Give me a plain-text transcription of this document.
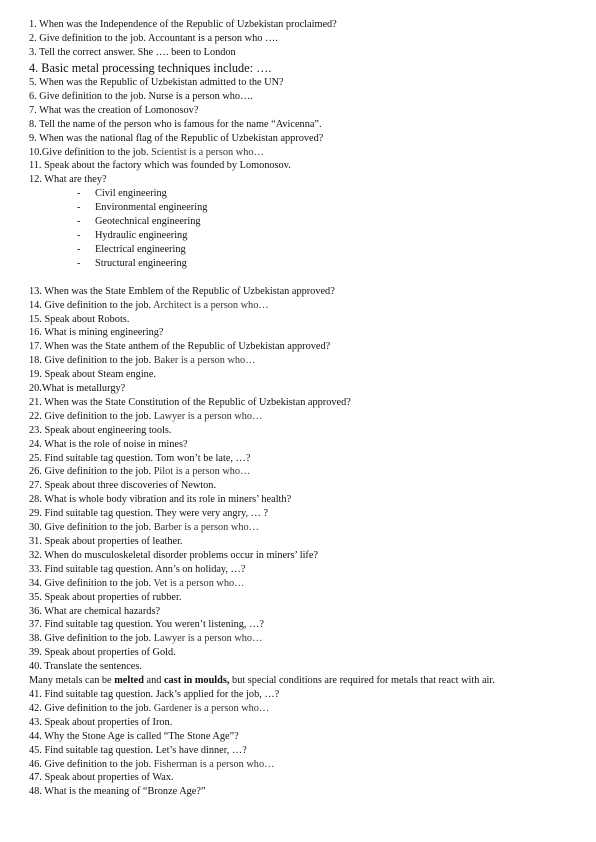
1. When was the Independence of the Republic of Uzbekistan proclaimed?
2. Give definition to the job. Accountant is a person who ….
3. Tell the correct answer. She …. been to London
4. Basic metal processing techniques include: ….
5. When was the Republic of Uzbekistan admitted to the UN?
6. Give definition to the job. Nurse is a person who….
7. What was the creation of Lomonosov?
8. Tell the name of the person who is famous for the name “Avicenna”.
9. When was the national flag of the Republic of Uzbekistan approved?
10.Give definition to the job. Scientist is a person who…
11. Speak about the factory which was founded by Lomonosov.
12. What are they?
- Civil engineering
- Environmental engineering
- Geotechnical engineering
- Hydraulic engineering
- Electrical engineering
- Structural engineering
13. When was the State Emblem of the Republic of Uzbekistan approved?
14. Give definition to the job. Architect is a person who…
15. Speak about Robots.
16. What is mining engineering?
17. When was the State anthem of the Republic of Uzbekistan approved?
18. Give definition to the job. Baker is a person who…
19. Speak about Steam engine.
20.What is metallurgy?
21. When was the State Constitution of the Republic of Uzbekistan approved?
22. Give definition to the job. Lawyer is a person who…
23. Speak about engineering tools.
24. What is the role of noise in mines?
25. Find suitable tag question. Tom won’t be late, …?
26. Give definition to the job. Pilot is a person who…
27. Speak about three discoveries of Newton.
28. What is whole body vibration and its role in miners’ health?
29. Find suitable tag question. They were very angry, … ?
30. Give definition to the job. Barber is a person who…
31. Speak about properties of leather.
32. When do musculoskeletal disorder problems occur in miners’ life?
33. Find suitable tag question. Ann’s on holiday, …?
34. Give definition to the job. Vet is a person who…
35. Speak about properties of rubber.
36. What are chemical hazards?
37. Find suitable tag question. You weren’t listening, …?
38. Give definition to the job. Lawyer is a person who…
39. Speak about properties of Gold.
40. Translate the sentences.
Many metals can be melted and cast in moulds, but special conditions are required for metals that react with air.
41. Find suitable tag question. Jack’s applied for the job, …?
42. Give definition to the job. Gardener is a person who…
43. Speak about properties of Iron.
44. Why the Stone Age is called “The Stone Age”?
45. Find suitable tag question. Let’s have dinner, …?
46. Give definition to the job. Fisherman is a person who…
47. Speak about properties of Wax.
48. What is the meaning of “Bronze Age?”
